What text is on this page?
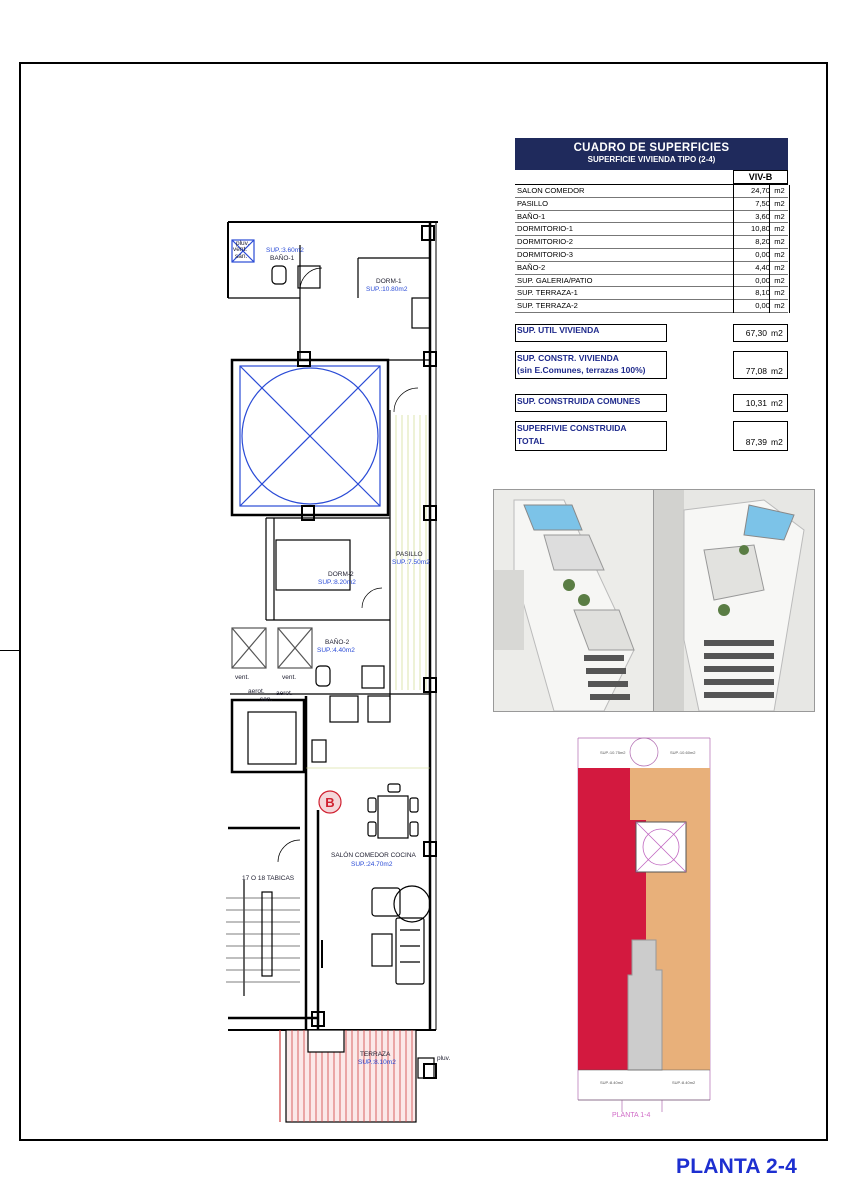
B
pluv.
vent.
san.
SUP.:3.60m2
BAÑO-1
DORM-1
SUP.:10.80m2
PASILLO
SUP.:7.50m2
DORM-2
SUP.:8.20m2
BAÑO-2
SUP.:4.40m2
vent.	vent.
aerot. aerot.
san.
SALÓN COMEDOR COCINA
SUP.:24.70m2
17 O 18 TABICAS
TERRAZA
SUP.:8.10m2
pluv.
CUADRO DE SUPERFICIES
SUPERFICIE VIVIENDA TIPO (2-4)
VIV-B
SALON COMEDOR	24,70 m2
PASILLO	7,50 m2
BAÑO-1	3,60 m2
DORMITORIO-1	10,80 m2
DORMITORIO-2	8,20 m2
DORMITORIO-3	0,00 m2
BAÑO-2	4,40 m2
SUP. GALERIA/PATIO	0,00 m2
SUP. TERRAZA-1	8,10 m2
SUP. TERRAZA-2	0,00 m2
SUP. UTIL VIVIENDA	67,30 m2
SUP. CONSTR. VIVIENDA
(sin E.Comunes, terrazas 100%)	77,08 m2
SUP. CONSTRUIDA COMUNES	10,31 m2
SUPERFIVIE CONSTRUIDA
TOTAL	87,39 m2
SUP.:10.75m2	SUP.:10.60m2
SUP.:8.40m2	SUP.:8.40m2
PLANTA 1-4
PLANTA 2-4
